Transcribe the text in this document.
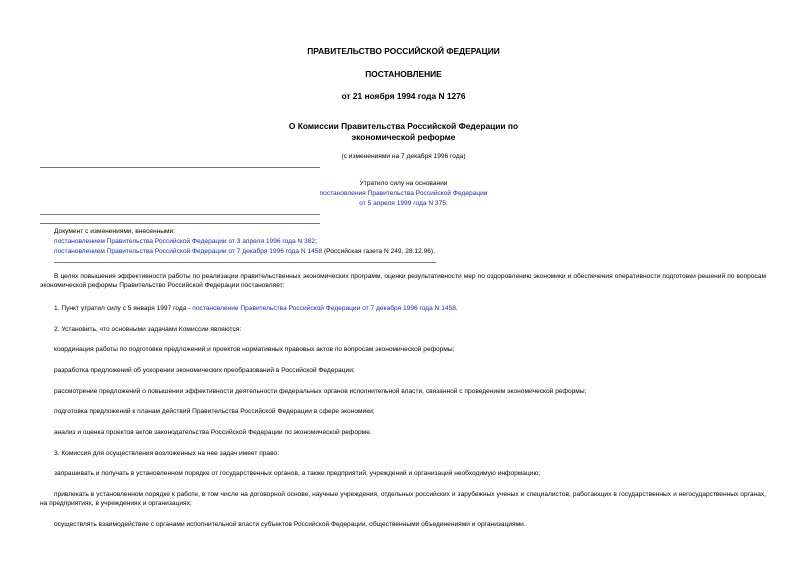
ПРАВИТЕЛЬСТВО РОССИЙСКОЙ ФЕДЕРАЦИИ
ПОСТАНОВЛЕНИЕ
от 21 ноября 1994 года N 1276
О Комиссии Правительства Российской Федерации по
экономической реформе
(с изменениями на 7 декабря 1996 года)
Утратило силу на основании
постановления Правительства Российской Федерации
от 5 апреля 1999 года N 375.
Документ с изменениями, внесенными:
постановлением Правительства Российской Федерации от 3 апреля 1996 года N 382;
постановлением Правительства Российской Федерации от 7 декабря 1996 года N 1458 (Российская газета N 249, 28.12.96).
В целях повышения эффективности работы по реализации правительственных экономических программ, оценки результативности мер по оздоровлению экономики и обеспечения оперативности подготовки решений по вопросам экономической реформы Правительство Российской Федерации постановляет:
1. Пункт утратил силу с 5 января 1997 года - постановление Правительства Российской Федерации от 7 декабря 1996 года N 1458.
2. Установить, что основными задачами Комиссии являются:
координация работы по подготовке предложений и проектов нормативных правовых актов по вопросам экономической реформы;
разработка предложений об ускорении экономических преобразований в Российской Федерации;
рассмотрение предложений о повышении эффективности деятельности федеральных органов исполнительной власти, связанной с проведением экономической реформы;
подготовка предложений к планам действий Правительства Российской Федерации в сфере экономики;
анализ и оценка проектов актов законодательства Российской Федерации по экономической реформе.
3. Комиссия для осуществления возложенных на нее задач имеет право:
запрашивать и получать в установленном порядке от государственных органов, а также предприятий, учреждений и организаций необходимую информацию;
привлекать в установленном порядке к работе, в том числе на договорной основе, научные учреждения, отдельных российских и зарубежных ученых и специалистов, работающих в государственных и негосударственных органах, на предприятиях, в учреждениях и организациях;
осуществлять взаимодействие с органами исполнительной власти субъектов Российской Федерации, общественными объединениями и организациями.
